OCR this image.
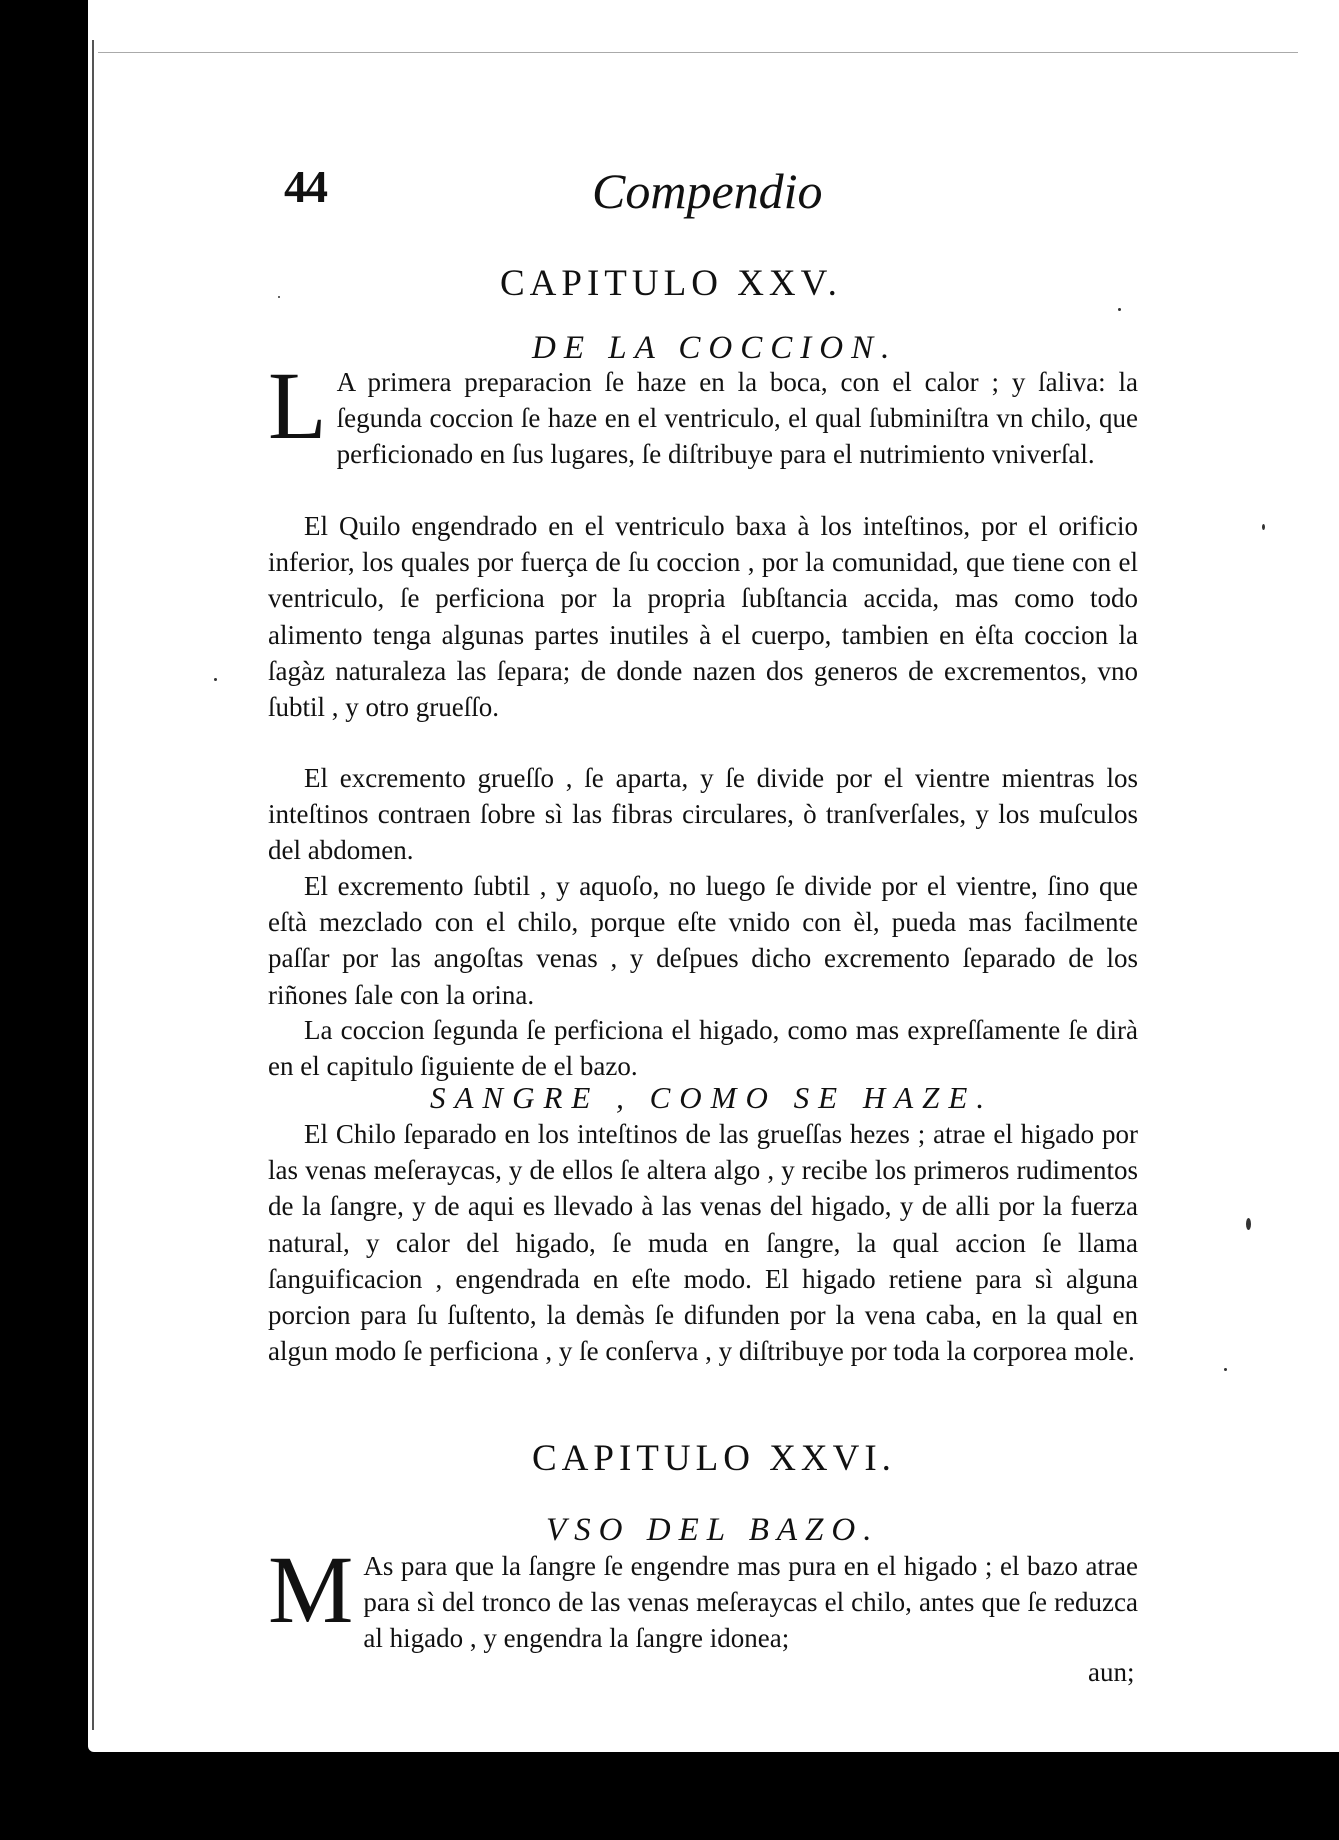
44	Compendio
CAPITULO XXV.
DE LA COCCION.

L A primera preparacion ſe haze en la boca, con el calor ; y ſaliva: la ſegunda coccion ſe haze en el ventriculo, el qual ſubminiſtra vn chilo, que perficionado en ſus lugares, ſe diſtribuye para el nutrimiento vniverſal.

El Quilo engendrado en el ventriculo baxa à los inteſtinos, por el orificio inferior, los quales por fuerça de ſu coccion , por la comunidad, que tiene con el ventriculo, ſe perficiona por la propria ſubſtancia accida, mas como todo alimento tenga algunas partes inutiles à el cuerpo, tambien en ėſta coccion la ſagàz naturaleza las ſepara; de donde nazen dos generos de excrementos, vno ſubtil , y otro grueſſo.

El excremento grueſſo , ſe aparta, y ſe divide por el vientre mientras los inteſtinos contraen ſobre sì las fibras circulares, ò tranſverſales, y los muſculos del abdomen.

El excremento ſubtil , y aquoſo, no luego ſe divide por el vientre, ſino que eſtà mezclado con el chilo, porque eſte vnido con èl, pueda mas facilmente paſſar por las angoſtas venas , y deſpues dicho excremento ſeparado de los riñones ſale con la orina.

La coccion ſegunda ſe perficiona el higado, como mas expreſſamente ſe dirà en el capitulo ſiguiente de el bazo.

SANGRE , COMO SE HAZE.

El Chilo ſeparado en los inteſtinos de las grueſſas hezes ; atrae el higado por las venas meſeraycas, y de ellos ſe altera algo , y recibe los primeros rudimentos de la ſangre, y de aqui es llevado à las venas del higado, y de alli por la fuerza natural, y calor del higado, ſe muda en ſangre, la qual accion ſe llama ſanguificacion , engendrada en eſte modo. El higado retiene para sì alguna porcion para ſu ſuſtento, la demàs ſe difunden por la vena caba, en la qual en algun modo ſe perficiona , y ſe conſerva , y diſtribuye por toda la corporea mole.

CAPITULO XXVI.
VSO DEL BAZO.

M As para que la ſangre ſe engendre mas pura en el higado ; el bazo atrae para sì del tronco de las venas meſeraycas el chilo, antes que ſe reduzca al higado , y engendra la ſangre idonea;

aun;
